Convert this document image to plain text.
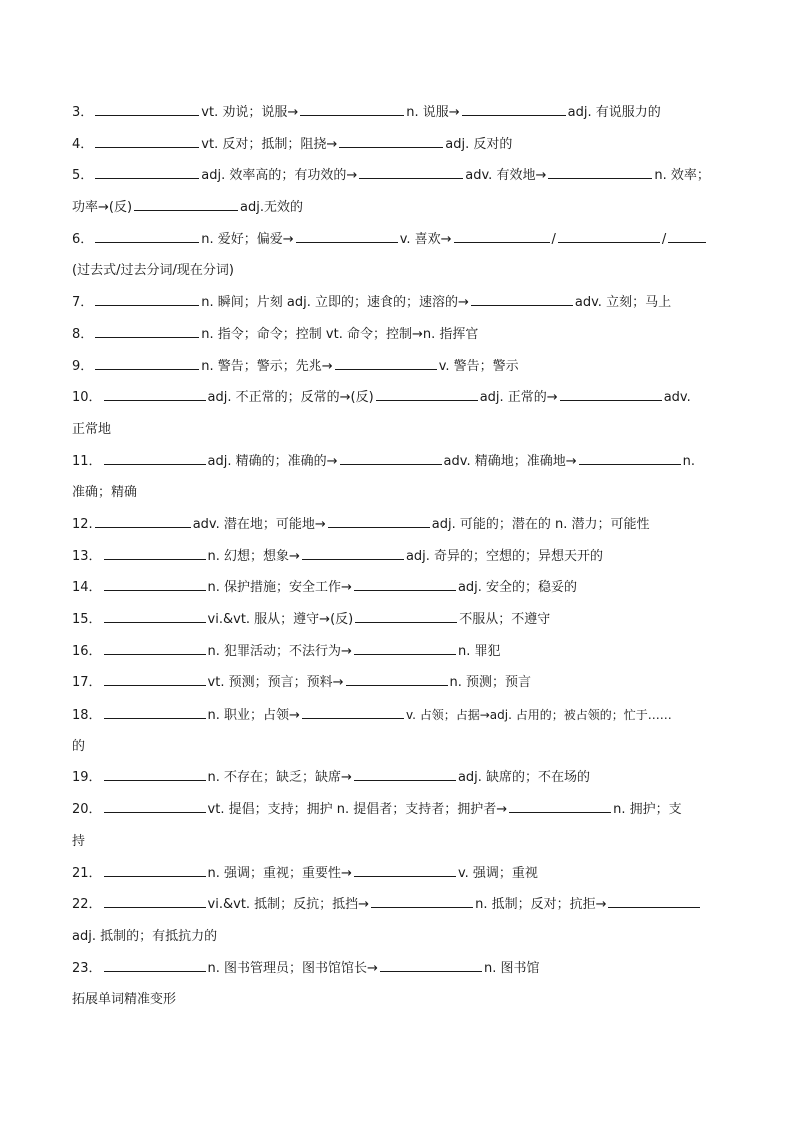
3．	vt. 劝说；说服→	n. 说服→	adj. 有说服力的
4．	vt. 反对；抵制；阻挠→	adj. 反对的
5．	adj. 效率高的；有功效的→	adv. 有效地→	n. 效率；
功率→(反)	adj.无效的
6．	n. 爱好；偏爱→	v. 喜欢→	/	/
(过去式/过去分词/现在分词)
7．	n. 瞬间；片刻 adj. 立即的；速食的；速溶的→	adv. 立刻；马上
8．	n. 指令；命令；控制 vt. 命令；控制→n. 指挥官
9．	n. 警告；警示；先兆→	v. 警告；警示
10．	adj. 不正常的；反常的→(反)	adj. 正常的→	adv.
正常地
11．	adj. 精确的；准确的→	adv. 精确地；准确地→	n.
准确；精确
12.	adv. 潜在地；可能地→	adj. 可能的；潜在的 n. 潜力；可能性
13．	n. 幻想；想象→	adj. 奇异的；空想的；异想天开的
14．	n. 保护措施；安全工作→	adj. 安全的；稳妥的
15．	vi.&vt. 服从；遵守→(反)	不服从；不遵守
16．	n. 犯罪活动；不法行为→	n. 罪犯
17．	vt. 预测；预言；预料→	n. 预测；预言
18．	n. 职业；占领→	v. 占领；占据→adj. 占用的；被占领的；忙于……
的
19．	n. 不存在；缺乏；缺席→	adj. 缺席的；不在场的
20．	vt. 提倡；支持；拥护 n. 提倡者；支持者；拥护者→	n. 拥护；支
持
21．	n. 强调；重视；重要性→	v. 强调；重视
22．	vi.&vt. 抵制；反抗；抵挡→	n. 抵制；反对；抗拒→
adj. 抵制的；有抵抗力的
23．	n. 图书管理员；图书馆馆长→	n. 图书馆
拓展单词精准变形
